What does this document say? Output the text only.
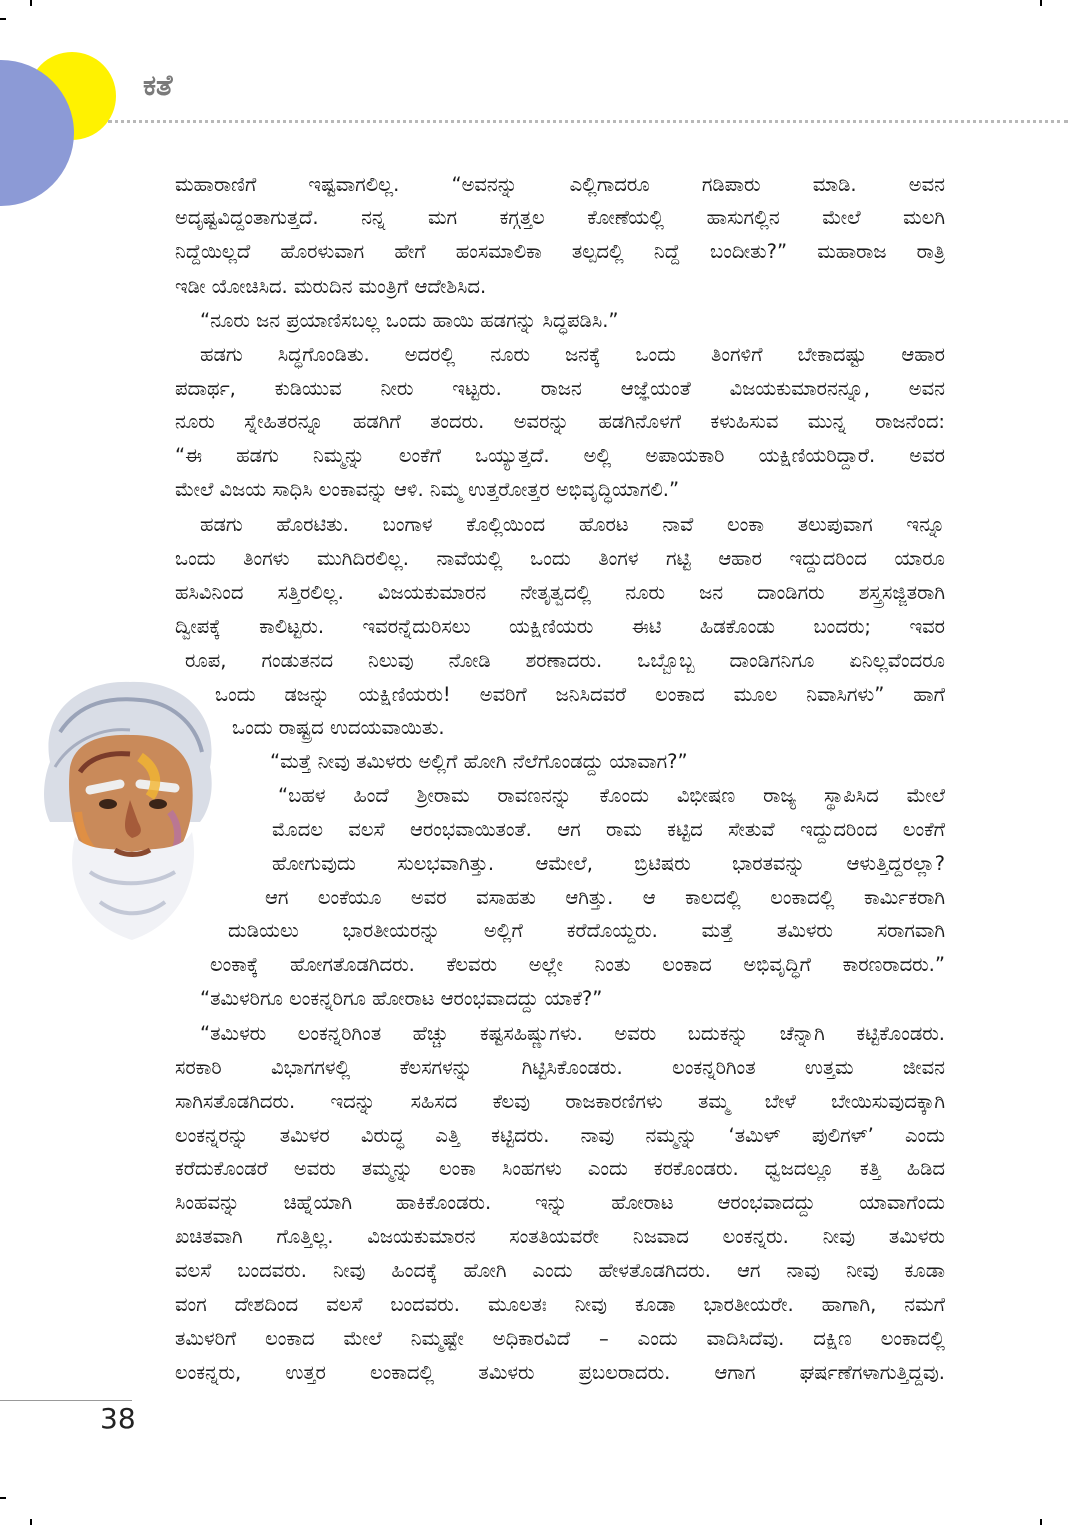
ಕತೆ
ಮಹಾರಾಣಿಗೆ ಇಷ್ಟವಾಗಲಿಲ್ಲ. “ಅವನನ್ನು ಎಲ್ಲಿಗಾದರೂ ಗಡಿಪಾರು ಮಾಡಿ. ಅವನ
ಅದೃಷ್ಟವಿದ್ದಂತಾಗುತ್ತದೆ. ನನ್ನ ಮಗ ಕಗ್ಗತ್ತಲ ಕೋಣೆಯಲ್ಲಿ ಹಾಸುಗಲ್ಲಿನ ಮೇಲೆ ಮಲಗಿ
ನಿದ್ದೆಯಿಲ್ಲದೆ ಹೊರಳುವಾಗ ಹೇಗೆ ಹಂಸಮಾಲಿಕಾ ತಲ್ಪದಲ್ಲಿ ನಿದ್ದೆ ಬಂದೀತು?” ಮಹಾರಾಜ ರಾತ್ರಿ
ಇಡೀ ಯೋಚಿಸಿದ. ಮರುದಿನ ಮಂತ್ರಿಗೆ ಆದೇಶಿಸಿದ.
“ನೂರು ಜನ ಪ್ರಯಾಣಿಸಬಲ್ಲ ಒಂದು ಹಾಯಿ ಹಡಗನ್ನು ಸಿದ್ಧಪಡಿಸಿ.”
ಹಡಗು ಸಿದ್ಧಗೊಂಡಿತು. ಅದರಲ್ಲಿ ನೂರು ಜನಕ್ಕೆ ಒಂದು ತಿಂಗಳಿಗೆ ಬೇಕಾದಷ್ಟು ಆಹಾರ
ಪದಾರ್ಥ, ಕುಡಿಯುವ ನೀರು ಇಟ್ಟರು. ರಾಜನ ಆಜ್ಞೆಯಂತೆ ವಿಜಯಕುಮಾರನನ್ನೂ, ಅವನ
ನೂರು ಸ್ನೇಹಿತರನ್ನೂ ಹಡಗಿಗೆ ತಂದರು. ಅವರನ್ನು ಹಡಗಿನೊಳಗೆ ಕಳುಹಿಸುವ ಮುನ್ನ ರಾಜನೆಂದ:
“ಈ ಹಡಗು ನಿಮ್ಮನ್ನು ಲಂಕೆಗೆ ಒಯ್ಯುತ್ತದೆ. ಅಲ್ಲಿ ಅಪಾಯಕಾರಿ ಯಕ್ಷಿಣಿಯರಿದ್ದಾರೆ. ಅವರ
ಮೇಲೆ ವಿಜಯ ಸಾಧಿಸಿ ಲಂಕಾವನ್ನು ಆಳಿ. ನಿಮ್ಮ ಉತ್ತರೋತ್ತರ ಅಭಿವೃದ್ಧಿಯಾಗಲಿ.”
ಹಡಗು ಹೊರಟಿತು. ಬಂಗಾಳ ಕೊಲ್ಲಿಯಿಂದ ಹೊರಟ ನಾವೆ ಲಂಕಾ ತಲುಪುವಾಗ ಇನ್ನೂ
ಒಂದು ತಿಂಗಳು ಮುಗಿದಿರಲಿಲ್ಲ. ನಾವೆಯಲ್ಲಿ ಒಂದು ತಿಂಗಳ ಗಟ್ಟಿ ಆಹಾರ ಇದ್ದುದರಿಂದ ಯಾರೂ
ಹಸಿವಿನಿಂದ ಸತ್ತಿರಲಿಲ್ಲ. ವಿಜಯಕುಮಾರನ ನೇತೃತ್ವದಲ್ಲಿ ನೂರು ಜನ ದಾಂಡಿಗರು ಶಸ್ತ್ರಸಜ್ಜಿತರಾಗಿ
ದ್ವೀಪಕ್ಕೆ ಕಾಲಿಟ್ಟರು. ಇವರನ್ನೆದುರಿಸಲು ಯಕ್ಷಿಣಿಯರು ಈಟಿ ಹಿಡಕೊಂಡು ಬಂದರು; ಇವರ
ರೂಪ, ಗಂಡುತನದ ನಿಲುವು ನೋಡಿ ಶರಣಾದರು. ಒಬ್ಬೊಬ್ಬ ದಾಂಡಿಗನಿಗೂ ಏನಿಲ್ಲವೆಂದರೂ
ಒಂದು ಡಜನ್ನು ಯಕ್ಷಿಣಿಯರು! ಅವರಿಗೆ ಜನಿಸಿದವರೆ ಲಂಕಾದ ಮೂಲ ನಿವಾಸಿಗಳು” ಹಾಗೆ
ಒಂದು ರಾಷ್ಟ್ರದ ಉದಯವಾಯಿತು.
“ಮತ್ತೆ ನೀವು ತಮಿಳರು ಅಲ್ಲಿಗೆ ಹೋಗಿ ನೆಲೆಗೊಂಡದ್ದು ಯಾವಾಗ?”
“ಬಹಳ ಹಿಂದೆ ಶ್ರೀರಾಮ ರಾವಣನನ್ನು ಕೊಂದು ವಿಭೀಷಣ ರಾಜ್ಯ ಸ್ಥಾಪಿಸಿದ ಮೇಲೆ
ಮೊದಲ ವಲಸೆ ಆರಂಭವಾಯಿತಂತೆ. ಆಗ ರಾಮ ಕಟ್ಟಿದ ಸೇತುವೆ ಇದ್ದುದರಿಂದ ಲಂಕೆಗೆ
ಹೋಗುವುದು ಸುಲಭವಾಗಿತ್ತು. ಆಮೇಲೆ, ಬ್ರಿಟಿಷರು ಭಾರತವನ್ನು ಆಳುತ್ತಿದ್ದರಲ್ಲಾ?
ಆಗ ಲಂಕೆಯೂ ಅವರ ವಸಾಹತು ಆಗಿತ್ತು. ಆ ಕಾಲದಲ್ಲಿ ಲಂಕಾದಲ್ಲಿ ಕಾರ್ಮಿಕರಾಗಿ
ದುಡಿಯಲು ಭಾರತೀಯರನ್ನು ಅಲ್ಲಿಗೆ ಕರೆದೊಯ್ದರು. ಮತ್ತೆ ತಮಿಳರು ಸರಾಗವಾಗಿ
ಲಂಕಾಕ್ಕೆ ಹೋಗತೊಡಗಿದರು. ಕೆಲವರು ಅಲ್ಲೇ ನಿಂತು ಲಂಕಾದ ಅಭಿವೃದ್ಧಿಗೆ ಕಾರಣರಾದರು.”
“ತಮಿಳರಿಗೂ ಲಂಕನ್ನರಿಗೂ ಹೋರಾಟ ಆರಂಭವಾದದ್ದು ಯಾಕೆ?”
“ತಮಿಳರು ಲಂಕನ್ನರಿಗಿಂತ ಹೆಚ್ಚು ಕಷ್ಟಸಹಿಷ್ಣುಗಳು. ಅವರು ಬದುಕನ್ನು ಚೆನ್ನಾಗಿ ಕಟ್ಟಿಕೊಂಡರು.
ಸರಕಾರಿ ವಿಭಾಗಗಳಲ್ಲಿ ಕೆಲಸಗಳನ್ನು ಗಿಟ್ಟಿಸಿಕೊಂಡರು. ಲಂಕನ್ನರಿಗಿಂತ ಉತ್ತಮ ಜೀವನ
ಸಾಗಿಸತೊಡಗಿದರು. ಇದನ್ನು ಸಹಿಸದ ಕೆಲವು ರಾಜಕಾರಣಿಗಳು ತಮ್ಮ ಬೇಳೆ ಬೇಯಿಸುವುದಕ್ಕಾಗಿ
ಲಂಕನ್ನರನ್ನು ತಮಿಳರ ವಿರುದ್ಧ ಎತ್ತಿ ಕಟ್ಟಿದರು. ನಾವು ನಮ್ಮನ್ನು ‘ತಮಿಳ್ ಪುಲಿಗಳ್’ ಎಂದು
ಕರೆದುಕೊಂಡರೆ ಅವರು ತಮ್ಮನ್ನು ಲಂಕಾ ಸಿಂಹಗಳು ಎಂದು ಕರಕೊಂಡರು. ಧ್ವಜದಲ್ಲೂ ಕತ್ತಿ ಹಿಡಿದ
ಸಿಂಹವನ್ನು ಚಿಹ್ನೆಯಾಗಿ ಹಾಕಿಕೊಂಡರು. ಇನ್ನು ಹೋರಾಟ ಆರಂಭವಾದದ್ದು ಯಾವಾಗೆಂದು
ಖಚಿತವಾಗಿ ಗೊತ್ತಿಲ್ಲ. ವಿಜಯಕುಮಾರನ ಸಂತತಿಯವರೇ ನಿಜವಾದ ಲಂಕನ್ನರು. ನೀವು ತಮಿಳರು
ವಲಸೆ ಬಂದವರು. ನೀವು ಹಿಂದಕ್ಕೆ ಹೋಗಿ ಎಂದು ಹೇಳತೊಡಗಿದರು. ಆಗ ನಾವು ನೀವು ಕೂಡಾ
ವಂಗ ದೇಶದಿಂದ ವಲಸೆ ಬಂದವರು. ಮೂಲತಃ ನೀವು ಕೂಡಾ ಭಾರತೀಯರೇ. ಹಾಗಾಗಿ, ನಮಗೆ
ತಮಿಳರಿಗೆ ಲಂಕಾದ ಮೇಲೆ ನಿಮ್ಮಷ್ಟೇ ಅಧಿಕಾರವಿದೆ – ಎಂದು ವಾದಿಸಿದೆವು. ದಕ್ಷಿಣ ಲಂಕಾದಲ್ಲಿ
ಲಂಕನ್ನರು, ಉತ್ತರ ಲಂಕಾದಲ್ಲಿ ತಮಿಳರು ಪ್ರಬಲರಾದರು. ಆಗಾಗ ಘರ್ಷಣೆಗಳಾಗುತ್ತಿದ್ದವು.
38
